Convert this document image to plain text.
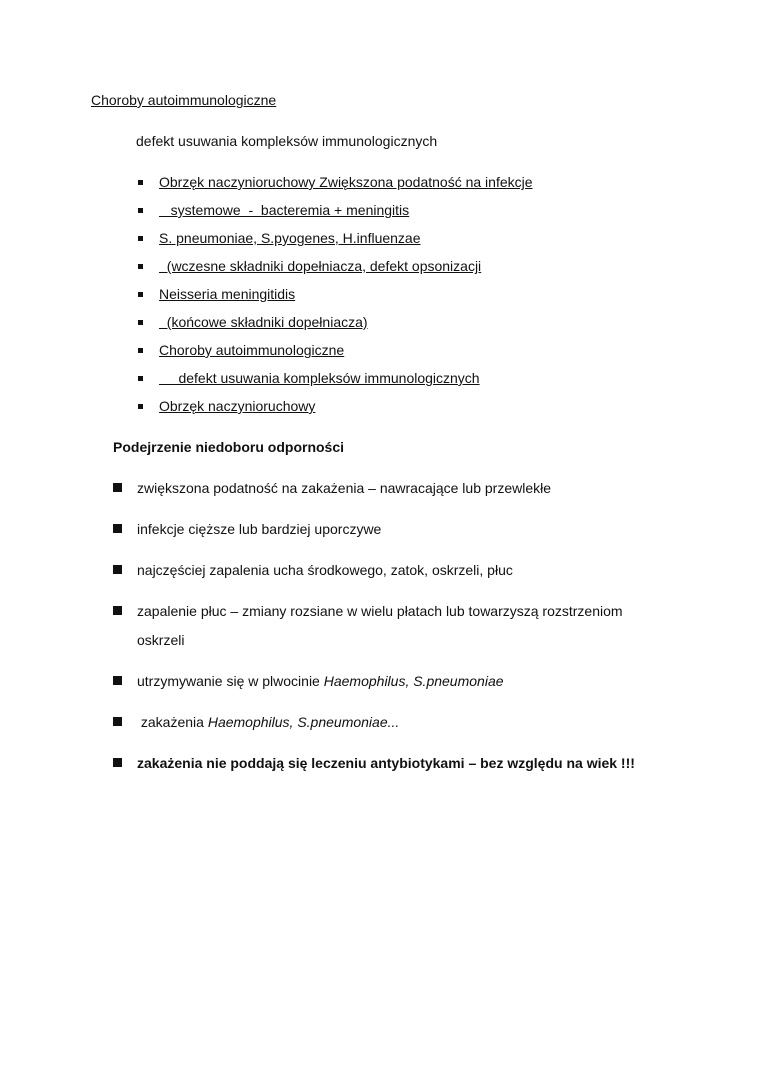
Choroby autoimmunologiczne
defekt usuwania kompleksów immunologicznych
Obrzęk naczynioruchowy Zwiększona podatność na infekcje
systemowe  -  bacteremia + meningitis
S. pneumoniae, S.pyogenes, H.influenzae
(wczesne składniki dopełniacza, defekt opsonizacji
Neisseria meningitidis
(końcowe składniki dopełniacza)
Choroby autoimmunologiczne
defekt usuwania kompleksów immunologicznych
Obrzęk naczynioruchowy
Podejrzenie niedoboru odporności
zwiększona podatność na zakażenia – nawracające lub przewlekłe
infekcje cięższe lub bardziej uporczywe
najczęściej zapalenia ucha środkowego, zatok, oskrzeli, płuc
zapalenie płuc – zmiany rozsiane w wielu płatach lub towarzyszą rozstrzeniom oskrzeli
utrzymywanie się w plwocinie Haemophilus, S.pneumoniae
zakażenia Haemophilus, S.pneumoniae...
zakażenia nie poddają się leczeniu antybiotykami – bez względu na wiek !!!
